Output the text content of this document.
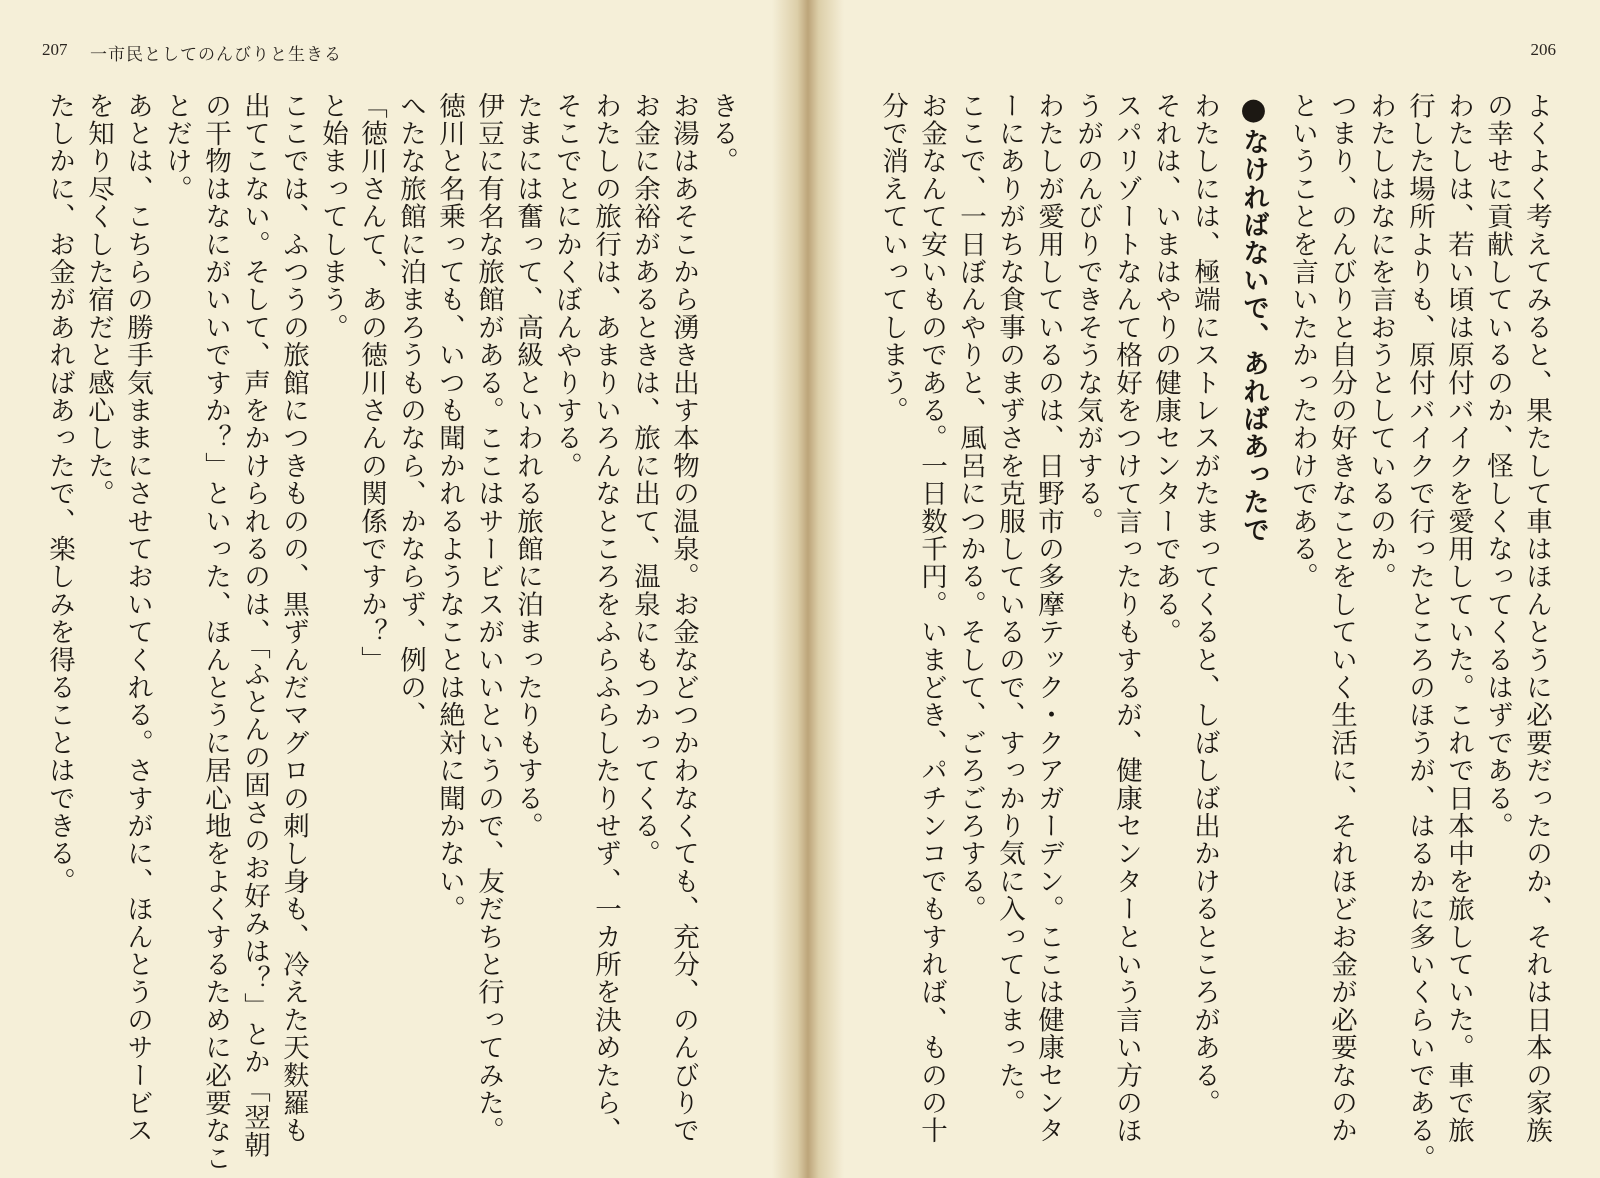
207 一市民としてのんびりと生きる
きる。
お湯はあそこから湧き出す本物の温泉。お金などつかわなくても、充分、のんびりで
お金に余裕があるときは、旅に出て、温泉にもつかってくる。
わたしの旅行は、あまりいろんなところをふらふらしたりせず、一カ所を決めたら、
そこでとにかくぼんやりする。
たまには奮って、高級といわれる旅館に泊まったりもする。
伊豆に有名な旅館がある。ここはサービスがいいというので、友だちと行ってみた。
徳川と名乗っても、いつも聞かれるようなことは絶対に聞かない。
へたな旅館に泊まろうものなら、かならず、例の、
「徳川さんて、あの徳川さんの関係ですか？」
と始まってしまう。
ここでは、ふつうの旅館につきものの、黒ずんだマグロの刺し身も、冷えた天麩羅も
出てこない。そして、声をかけられるのは、「ふとんの固さのお好みは？」とか「翌朝
の干物はなにがいいですか？」といった、ほんとうに居心地をよくするために必要なこ
とだけ。
あとは、こちらの勝手気ままにさせておいてくれる。さすがに、ほんとうのサービス
を知り尽くした宿だと感心した。
たしかに、お金があればあったで、楽しみを得ることはできる。
206
よくよく考えてみると、果たして車はほんとうに必要だったのか、それは日本の家族
の幸せに貢献しているのか、怪しくなってくるはずである。
わたしは、若い頃は原付バイクを愛用していた。これで日本中を旅していた。車で旅
行した場所よりも、原付バイクで行ったところのほうが、はるかに多いくらいである。
わたしはなにを言おうとしているのか。
つまり、のんびりと自分の好きなことをしていく生活に、それほどお金が必要なのか
ということを言いたかったわけである。
●なければないで、あればあったで
わたしには、極端にストレスがたまってくると、しばしば出かけるところがある。
それは、いまはやりの健康センターである。
スパリゾートなんて格好をつけて言ったりもするが、健康センターという言い方のほ
うがのんびりできそうな気がする。
わたしが愛用しているのは、日野市の多摩テック・クアガーデン。ここは健康センタ
ーにありがちな食事のまずさを克服しているので、すっかり気に入ってしまった。
ここで、一日ぼんやりと、風呂につかる。そして、ごろごろする。
お金なんて安いものである。一日数千円。いまどき、パチンコでもすれば、ものの十
分で消えていってしまう。
